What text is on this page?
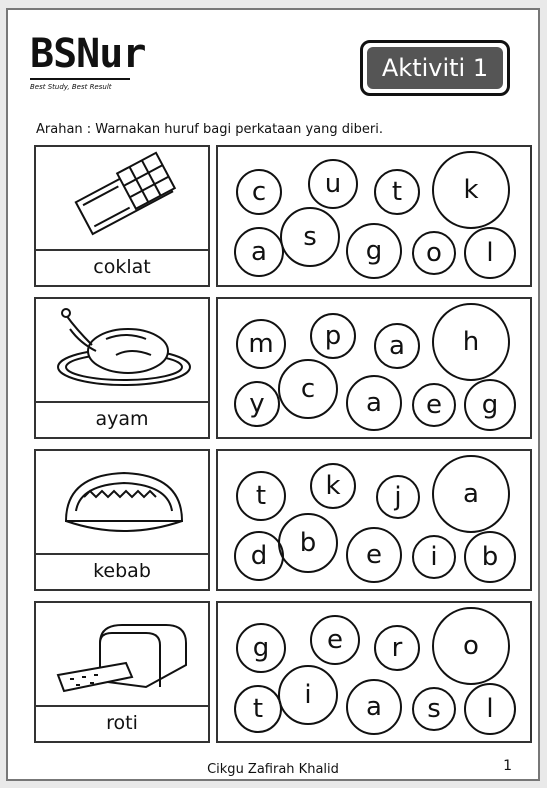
BSNur
Best Study, Best Result
Aktiviti 1
Arahan : Warnakan huruf bagi perkataan yang diberi.
coklat
c	u	t	k
a	s	g	o	l
ayam
m	p	a	h
y	c	a	e	g
kebab
t	k	j	a
d	b	e	i	b
roti
g	e	r	o
t	i	a	s	l
Cikgu Zafirah Khalid	1
